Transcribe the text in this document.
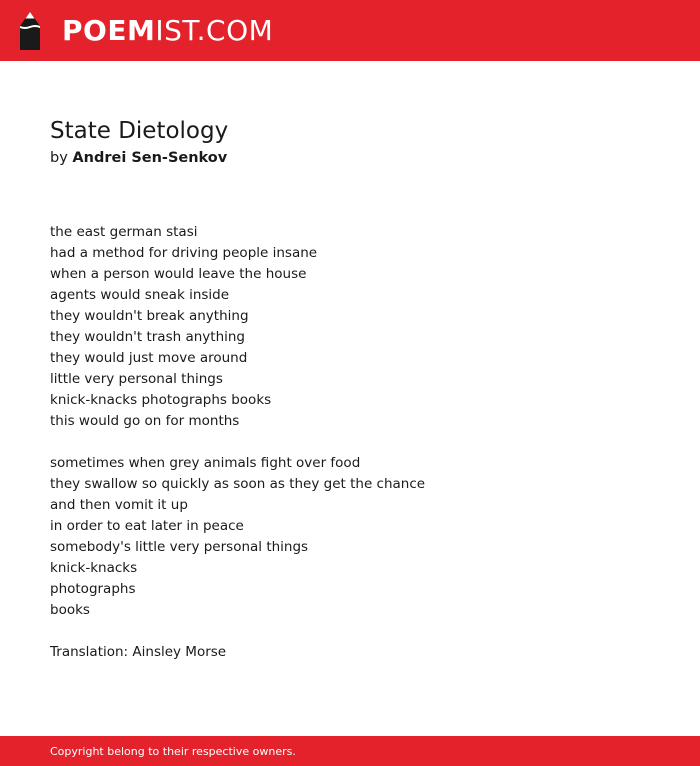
POEMIST.COM
State Dietology
by Andrei Sen-Senkov
the east german stasi
had a method for driving people insane
when a person would leave the house
agents would sneak inside
they wouldn't break anything
they wouldn't trash anything
they would just move around
little very personal things
knick-knacks photographs books
this would go on for months
sometimes when grey animals fight over food
they swallow so quickly as soon as they get the chance
and then vomit it up
in order to eat later in peace
somebody's little very personal things
knick-knacks
photographs
books
Translation: Ainsley Morse
Copyright belong to their respective owners.
